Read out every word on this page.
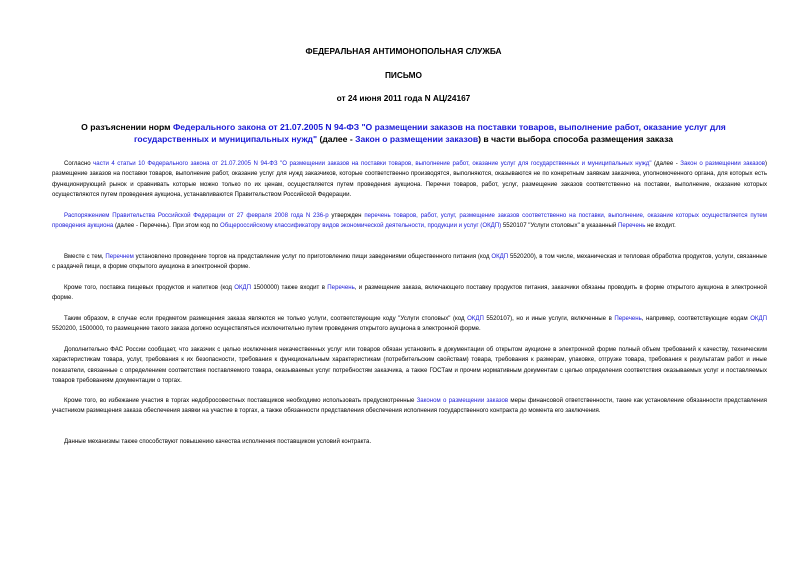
ФЕДЕРАЛЬНАЯ АНТИМОНОПОЛЬНАЯ СЛУЖБА
ПИСЬМО
от 24 июня 2011 года N АЦ/24167
О разъяснении норм Федерального закона от 21.07.2005 N 94-ФЗ "О размещении заказов на поставки товаров, выполнение работ, оказание услуг для государственных и муниципальных нужд" (далее - Закон о размещении заказов) в части выбора способа размещения заказа
Согласно части 4 статьи 10 Федерального закона от 21.07.2005 N 94-ФЗ "О размещении заказов на поставки товаров, выполнение работ, оказание услуг для государственных и муниципальных нужд" (далее - Закон о размещении заказов) размещение заказов на поставки товаров, выполнение работ, оказание услуг для нужд заказчиков, которые соответственно производятся, выполняются, оказываются не по конкретным заявкам заказчика, уполномоченного органа, для которых есть функционирующий рынок и сравнивать которые можно только по их ценам, осуществляется путем проведения аукциона. Перечни товаров, работ, услуг, размещение заказов соответственно на поставки, выполнение, оказание которых осуществляются путем проведения аукциона, устанавливаются Правительством Российской Федерации.
Распоряжением Правительства Российской Федерации от 27 февраля 2008 года N 236-р утвержден перечень товаров, работ, услуг, размещение заказов соответственно на поставки, выполнение, оказание которых осуществляется путем проведения аукциона (далее - Перечень). При этом код по Общероссийскому классификатору видов экономической деятельности, продукции и услуг (ОКДП) 5520107 "Услуги столовых" в указанный Перечень не входит.
Вместе с тем, Перечнем установлено проведение торгов на представление услуг по приготовлению пищи заведениями общественного питания (код ОКДП 5520200), в том числе, механическая и тепловая обработка продуктов, услуги, связанные с раздачей пищи, в форме открытого аукциона в электронной форме.
Кроме того, поставка пищевых продуктов и напитков (код ОКДП 1500000) также входит в Перечень, и размещение заказа, включающего поставку продуктов питания, заказчики обязаны проводить в форме открытого аукциона в электронной форме.
Таким образом, в случае если предметом размещения заказа являются не только услуги, соответствующие коду "Услуги столовых" (код ОКДП 5520107), но и иные услуги, включенные в Перечень, например, соответствующие кодам ОКДП 5520200, 1500000, то размещение такого заказа должно осуществляться исключительно путем проведения открытого аукциона в электронной форме.
Дополнительно ФАС России сообщает, что заказчик с целью исключения некачественных услуг или товаров обязан установить в документации об открытом аукционе в электронной форме полный объем требований к качеству, техническим характеристикам товара, услуг, требования к их безопасности, требования к функциональным характеристикам (потребительским свойствам) товара, требования к размерам, упаковке, отгрузке товара, требования к результатам работ и иные показатели, связанные с определением соответствия поставляемого товара, оказываемых услуг потребностям заказчика, а также ГОСТам и прочим нормативным документам с целью определения соответствия оказываемых услуг и поставляемых товаров требованиям документации о торгах.
Кроме того, во избежание участия в торгах недобросовестных поставщиков необходимо использовать предусмотренные Законом о размещении заказов меры финансовой ответственности, такие как установление обязанности представления участником размещения заказа обеспечения заявки на участие в торгах, а также обязанности представления обеспечения исполнения государственного контракта до момента его заключения.
Данные механизмы также способствуют повышению качества исполнения поставщиком условий контракта.
